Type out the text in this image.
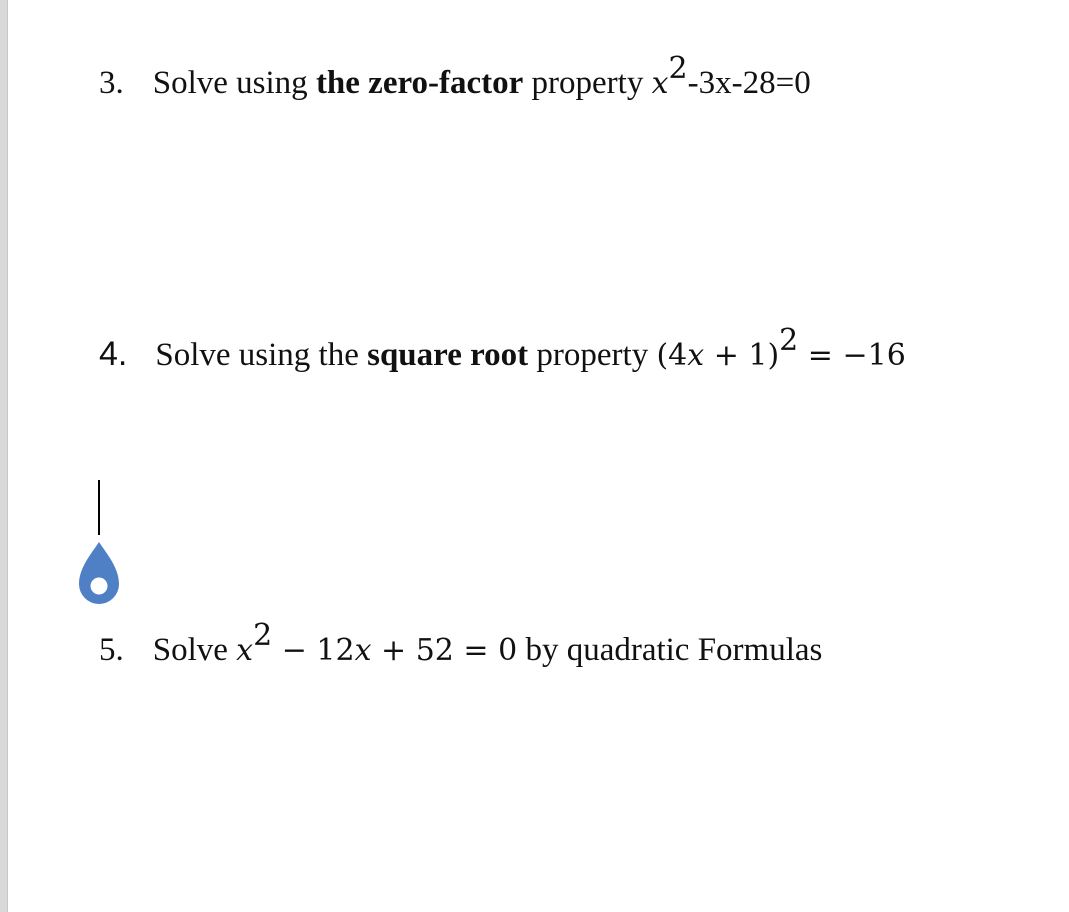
3. Solve using the zero-factor property $x^2-3x-28=0$
4. Solve using the square root property $(4x + 1)^2 = -16$
5. Solve $x^2 - 12x + 52 = 0$ by quadratic Formulas
